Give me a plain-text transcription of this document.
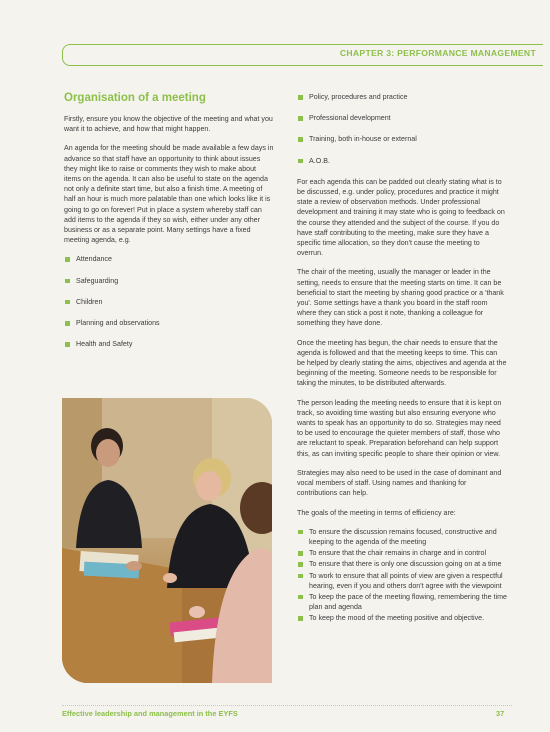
CHAPTER 3: PERFORMANCE MANAGEMENT
Organisation of a meeting

Firstly, ensure you know the objective of the meeting and what you want it to achieve, and how that might happen.

An agenda for the meeting should be made available a few days in advance so that staff have an opportunity to think about issues they might like to raise or comments they wish to make about items on the agenda. It can also be useful to state on the agenda not only a definite start time, but also a finish time. A meeting of half an hour is much more palatable than one which looks like it is going to go on forever! Put in place a system whereby staff can add items to the agenda if they so wish, either under any other business or as a separate point. Many settings have a fixed meeting agenda, e.g.

Attendance
Safeguarding
Children
Planning and observations
Health and Safety
Policy, procedures and practice
Professional development
Training, both in-house or external
A.O.B.

For each agenda this can be padded out clearly stating what is to be discussed, e.g. under policy, procedures and practice it might state a review of observation methods. Under professional development and training it may state who is going to feedback on the course they attended and the subject of the course. If you do have staff contributing to the meeting, make sure they have a specific time allocation, so they don't cause the meeting to overrun.

The chair of the meeting, usually the manager or leader in the setting, needs to ensure that the meeting starts on time. It can be beneficial to start the meeting by sharing good practice or a 'thank you'. Some settings have a thank you board in the staff room where they can stick a post it note, thanking a colleague for something they have done.

Once the meeting has begun, the chair needs to ensure that the agenda is followed and that the meeting keeps to time. This can be helped by clearly stating the aims, objectives and agenda at the beginning of the meeting. Someone needs to be responsible for taking the minutes, to be distributed afterwards.

The person leading the meeting needs to ensure that it is kept on track, so avoiding time wasting but also ensuring everyone who wants to speak has an opportunity to do so. Strategies may need to be used to encourage the quieter members of staff, those who are reluctant to speak. Preparation beforehand can help support this, as can inviting specific people to share their opinion or view.

Strategies may also need to be used in the case of dominant and vocal members of staff. Using names and thanking for contributions can help.

The goals of the meeting in terms of efficiency are:

To ensure the discussion remains focused, constructive and keeping to the agenda of the meeting
To ensure that the chair remains in charge and in control
To ensure that there is only one discussion going on at a time
To work to ensure that all points of view are given a respectful hearing, even if you and others don't agree with the viewpoint
To keep the pace of the meeting flowing, remembering the time plan and agenda
To keep the mood of the meeting positive and objective.
Effective leadership and management in the EYFS	37
